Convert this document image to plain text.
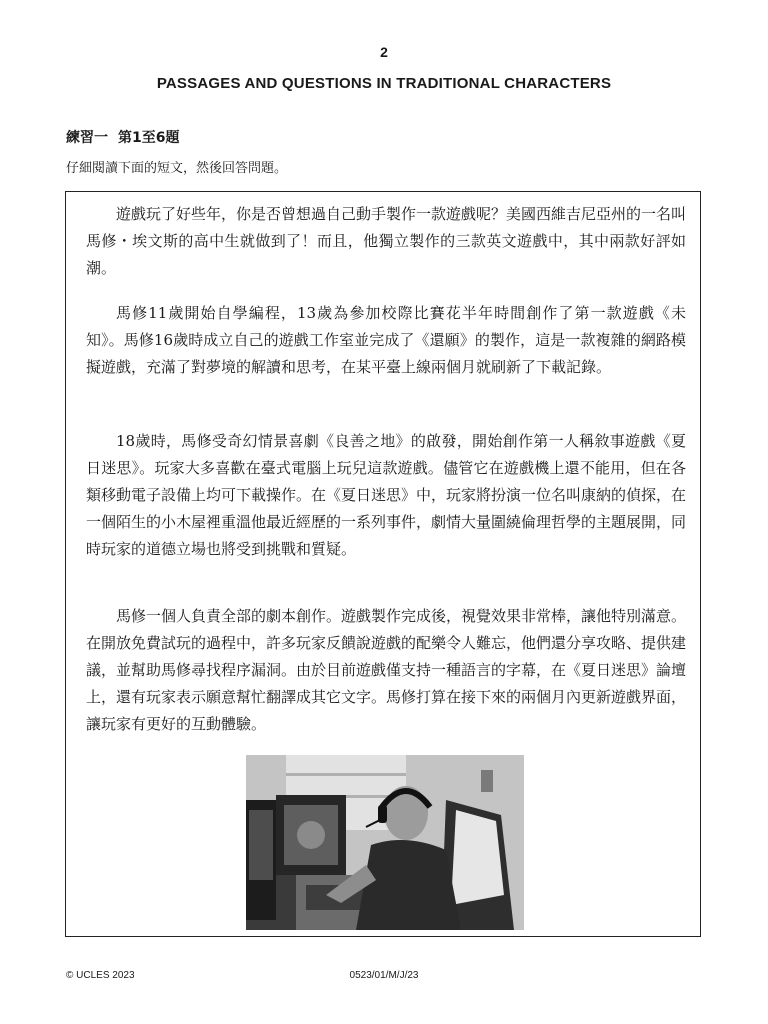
2
PASSAGES AND QUESTIONS IN TRADITIONAL CHARACTERS
練習一 第1至6題
仔細閱讀下面的短文，然後回答問題。

遊戲玩了好些年，你是否曾想過自己動手製作一款遊戲呢？美國西維吉尼亞州的一名叫馬修・埃文斯的高中生就做到了！而且，他獨立製作的三款英文遊戲中，其中兩款好評如潮。

馬修11歲開始自學編程，13歲為參加校際比賽花半年時間創作了第一款遊戲《未知》。馬修16歲時成立自己的遊戲工作室並完成了《還願》的製作，這是一款複雜的網路模擬遊戲，充滿了對夢境的解讀和思考，在某平臺上線兩個月就刷新了下載記錄。

18歲時，馬修受奇幻情景喜劇《良善之地》的啟發，開始創作第一人稱敘事遊戲《夏日迷思》。玩家大多喜歡在臺式電腦上玩兒這款遊戲。儘管它在遊戲機上還不能用，但在各類移動電子設備上均可下載操作。在《夏日迷思》中，玩家將扮演一位名叫康納的偵探，在一個陌生的小木屋裡重溫他最近經歷的一系列事件，劇情大量圍繞倫理哲學的主題展開，同時玩家的道德立場也將受到挑戰和質疑。

馬修一個人負責全部的劇本創作。遊戲製作完成後，視覺效果非常棒，讓他特別滿意。在開放免費試玩的過程中，許多玩家反饋說遊戲的配樂令人難忘，他們還分享攻略、提供建議，並幫助馬修尋找程序漏洞。由於目前遊戲僅支持一種語言的字幕，在《夏日迷思》論壇上，還有玩家表示願意幫忙翻譯成其它文字。馬修打算在接下來的兩個月內更新遊戲界面，讓玩家有更好的互動體驗。

© UCLES 2023	0523/01/M/J/23
